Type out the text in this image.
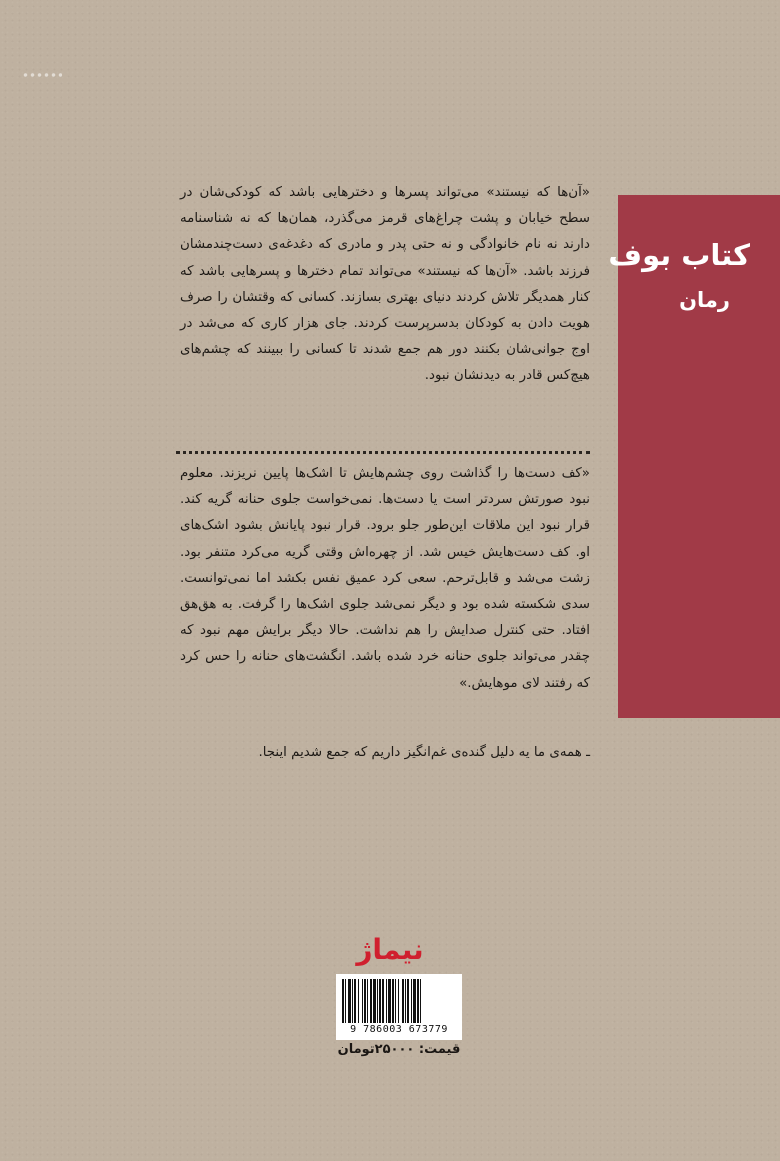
کتاب بوف
رمان

«آن‌ها که نیستند» می‌تواند پسرها و دخترهایی باشد که کودکی‌شان در سطح خیابان و پشت چراغ‌های قرمز می‌گذرد، همان‌ها که نه شناسنامه دارند نه نام خانوادگی و نه حتی پدر و مادری که دغدغه‌ی دست‌چندمشان فرزند باشد. «آن‌ها که نیستند» می‌تواند تمام دخترها و پسرهایی باشد که کنار همدیگر تلاش کردند دنیای بهتری بسازند. کسانی که وقتشان را صرف هویت دادن به کودکان بدسرپرست کردند. جای هزار کاری که می‌شد در اوج جوانی‌شان بکنند دور هم جمع شدند تا کسانی را ببینند که چشم‌های هیچ‌کس قادر به دیدنشان نبود.

«کف دست‌ها را گذاشت روی چشم‌هایش تا اشک‌ها پایین نریزند. معلوم نبود صورتش سردتر است یا دست‌ها. نمی‌خواست جلوی حنانه گریه کند. قرار نبود این ملاقات این‌طور جلو برود. قرار نبود پایانش بشود اشک‌های او. کف دست‌هایش خیس شد. از چهره‌اش وقتی گریه می‌کرد متنفر بود. زشت می‌شد و قابل‌ترحم. سعی کرد عمیق نفس بکشد اما نمی‌توانست. سدی شکسته شده بود و دیگر نمی‌شد جلوی اشک‌ها را گرفت. به هق‌هق افتاد. حتی کنترل صدایش را هم نداشت. حالا دیگر برایش مهم نبود که چقدر می‌تواند جلوی حنانه خرد شده باشد. انگشت‌های حنانه را حس کرد که رفتند لای موهایش.»

ـ همه‌ی ما یه دلیل گنده‌ی غم‌انگیز داریم که جمع شدیم اینجا.

نیماژ
9 786003 673779
قیمت: ۲۵۰۰۰تومان
